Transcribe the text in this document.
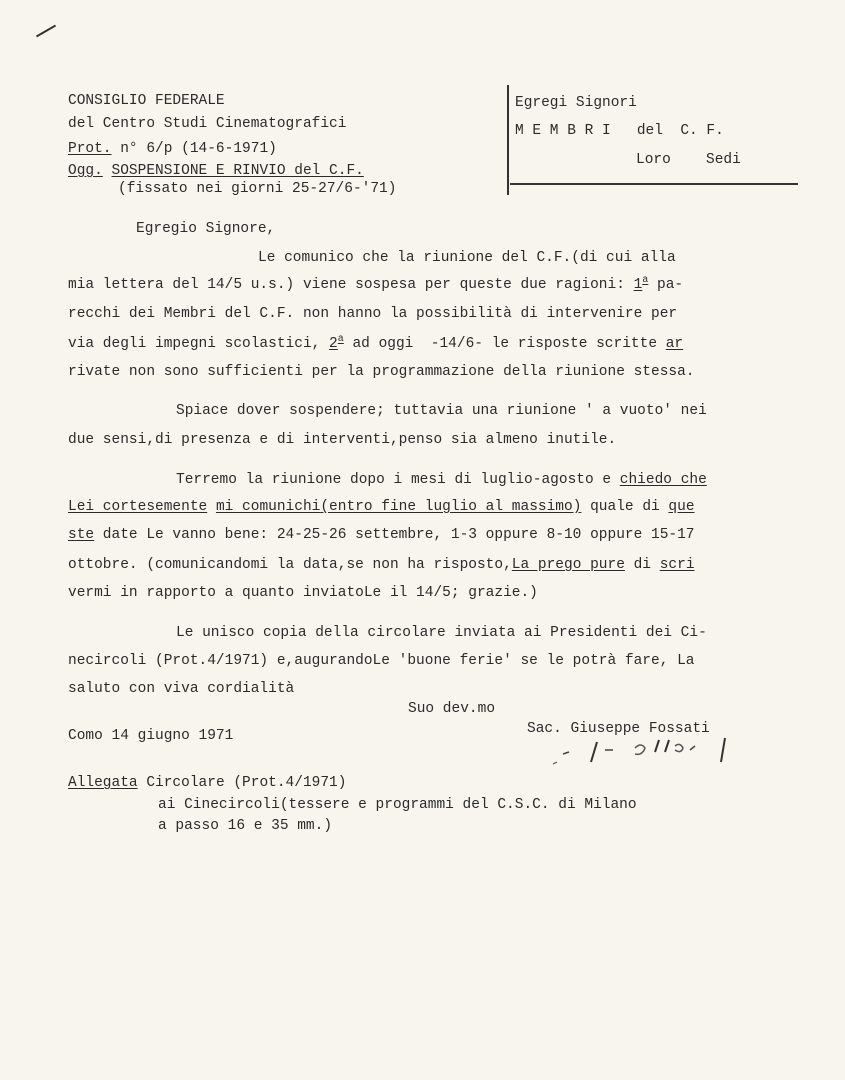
CONSIGLIO FEDERALE
del Centro Studi Cinematografici
Prot. n° 6/p (14-6-1971)
Ogg. SOSPENSIONE E RINVIO del C.F.
(fissato nei giorni 25-27/6-'71)
Egregi Signori
M E M B R I   del  C. F.
Loro Sedi
Egregio Signore,
Le comunico che la riunione del C.F.(di cui alla
mia lettera del 14/5 u.s.) viene sospesa per queste due ragioni: 1$^a$ pa-
recchi dei Membri del C.F. non hanno la possibilità di intervenire per
via degli impegni scolastici, 2$^a$ ad oggi  -14/6- le risposte scritte ar
rivate non sono sufficienti per la programmazione della riunione stessa.
Spiace dover sospendere; tuttavia una riunione ' a vuoto' nei
due sensi,di presenza e di interventi,penso sia almeno inutile.
Terremo la riunione dopo i mesi di luglio-agosto e chiedo che
Lei cortesemente mi comunichi(entro fine luglio al massimo) quale di que
ste date Le vanno bene: 24-25-26 settembre, 1-3 oppure 8-10 oppure 15-17
ottobre. (comunicandomi la data,se non ha risposto,La prego pure di scri
vermi in rapporto a quanto inviatoLe il 14/5; grazie.)
Le unisco copia della circolare inviata ai Presidenti dei Ci-
necircoli (Prot.4/1971) e,augurandoLe 'buone ferie' se le potrà fare, La
saluto con viva cordialità
Suo dev.mo
Como 14 giugno 1971	Sac. Giuseppe Fossati
Allegata Circolare (Prot.4/1971)
ai Cinecircoli(tessere e programmi del C.S.C. di Milano
a passo 16 e 35 mm.)
